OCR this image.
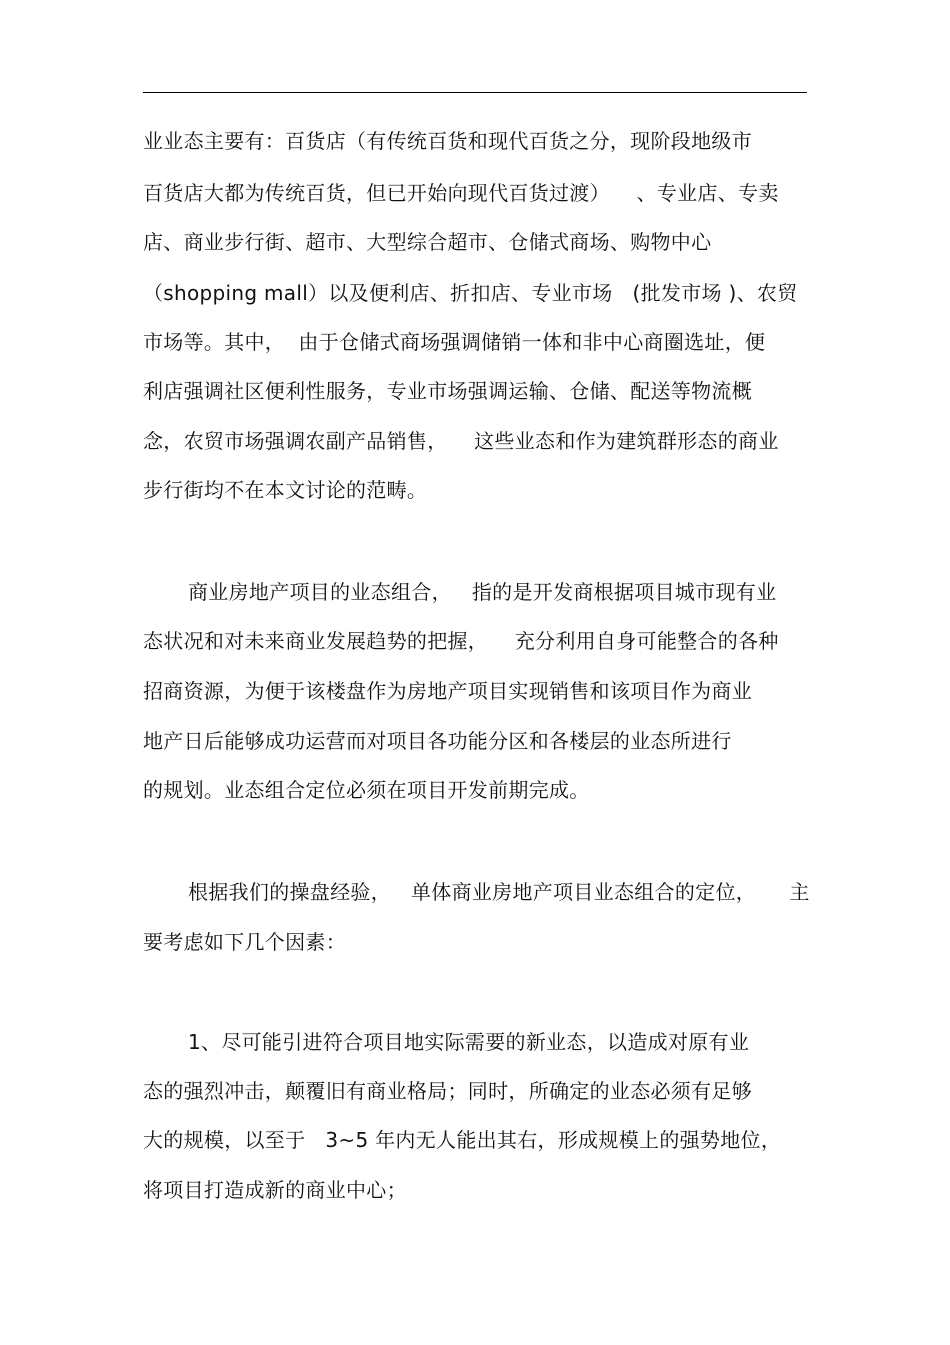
业业态主要有：百货店（有传统百货和现代百货之分，现阶段地级市
百货店大都为传统百货，但已开始向现代百货过渡）    、专业店、专卖
店、商业步行街、超市、大型综合超市、仓储式商场、购物中心
（shopping mall）以及便利店、折扣店、专业市场   (批发市场 )、农贸
市场等。其中，  由于仓储式商场强调储销一体和非中心商圈选址，便
利店强调社区便利性服务，专业市场强调运输、仓储、配送等物流概
念，农贸市场强调农副产品销售，    这些业态和作为建筑群形态的商业
步行街均不在本文讨论的范畴。
商业房地产项目的业态组合，   指的是开发商根据项目城市现有业
态状况和对未来商业发展趋势的把握，    充分利用自身可能整合的各种
招商资源，为便于该楼盘作为房地产项目实现销售和该项目作为商业
地产日后能够成功运营而对项目各功能分区和各楼层的业态所进行
的规划。业态组合定位必须在项目开发前期完成。
根据我们的操盘经验，   单体商业房地产项目业态组合的定位，     主
要考虑如下几个因素：
1、尽可能引进符合项目地实际需要的新业态，以造成对原有业
态的强烈冲击，颠覆旧有商业格局；同时，所确定的业态必须有足够
大的规模，以至于   3~5 年内无人能出其右，形成规模上的强势地位，
将项目打造成新的商业中心；
